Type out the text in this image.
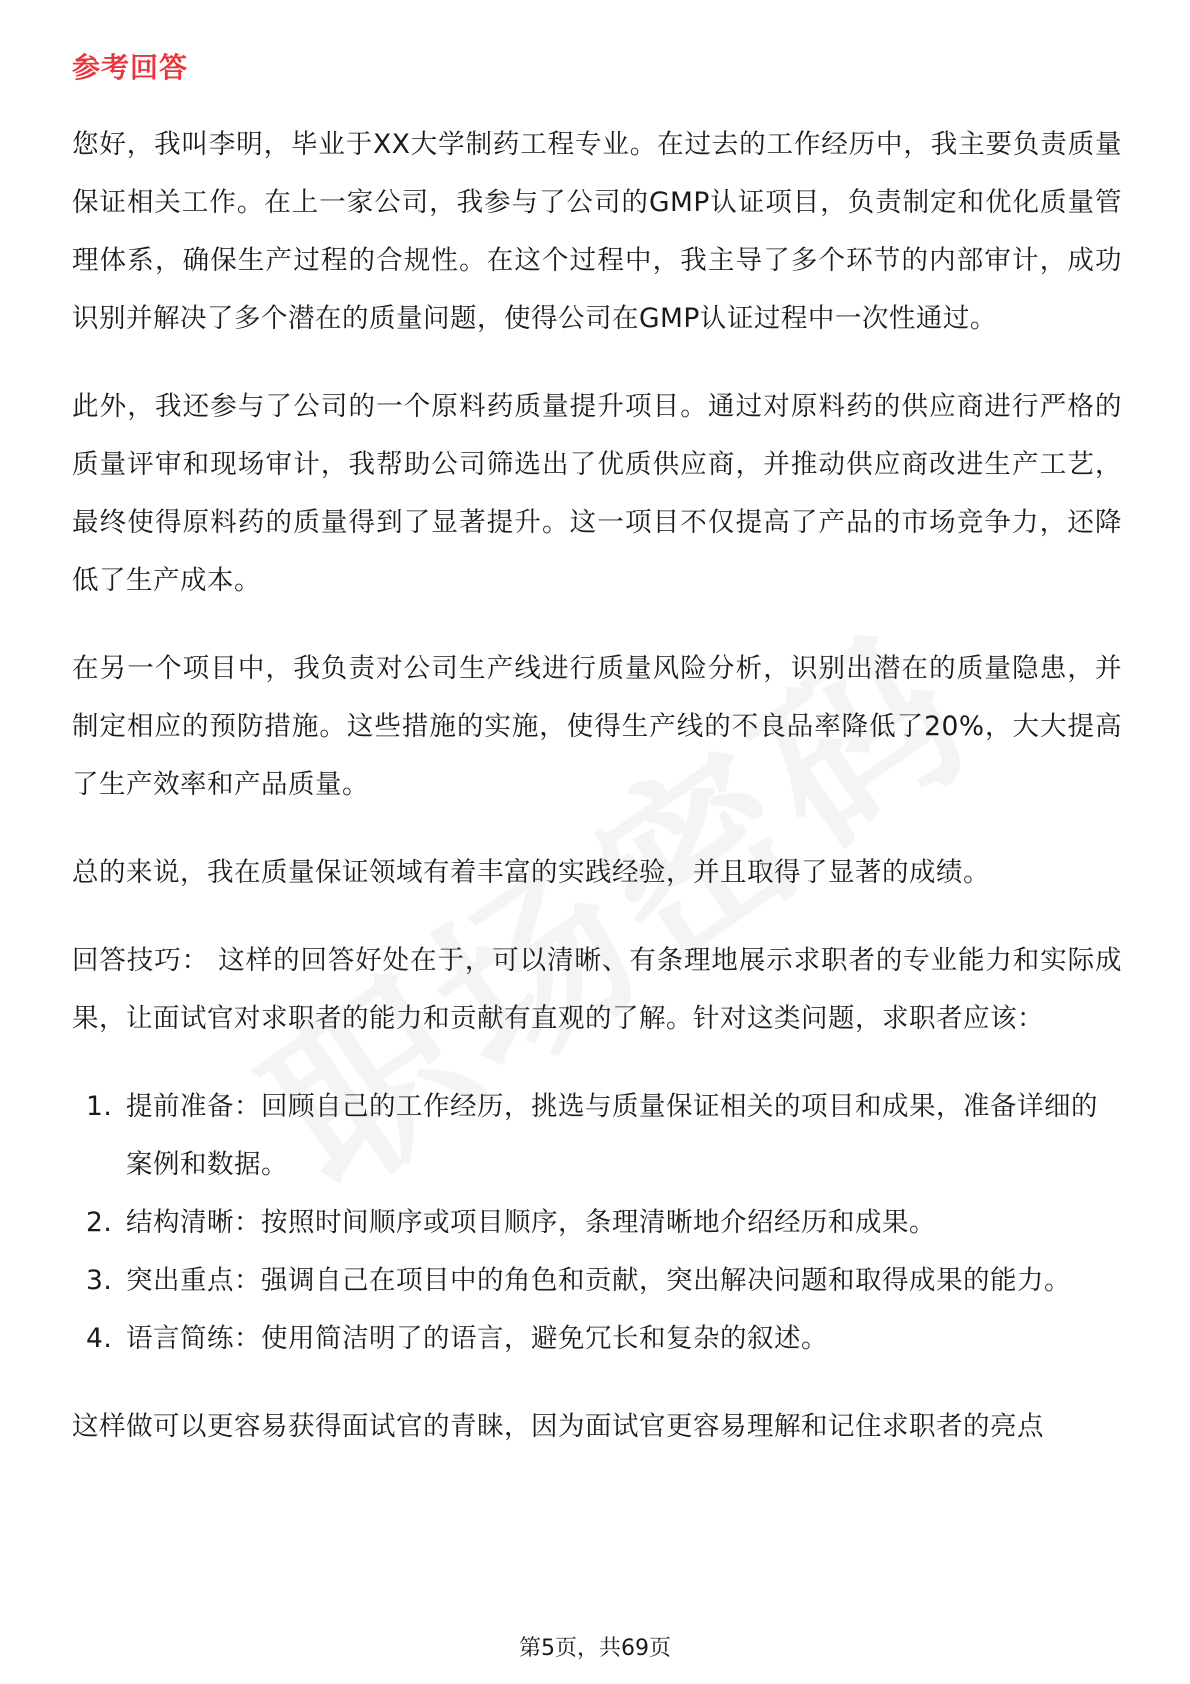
参考回答

您好，我叫李明，毕业于XX大学制药工程专业。在过去的工作经历中，我主要负责质量保证相关工作。在上一家公司，我参与了公司的GMP认证项目，负责制定和优化质量管理体系，确保生产过程的合规性。在这个过程中，我主导了多个环节的内部审计，成功识别并解决了多个潜在的质量问题，使得公司在GMP认证过程中一次性通过。

此外，我还参与了公司的一个原料药质量提升项目。通过对原料药的供应商进行严格的质量评审和现场审计，我帮助公司筛选出了优质供应商，并推动供应商改进生产工艺，最终使得原料药的质量得到了显著提升。这一项目不仅提高了产品的市场竞争力，还降低了生产成本。

在另一个项目中，我负责对公司生产线进行质量风险分析，识别出潜在的质量隐患，并制定相应的预防措施。这些措施的实施，使得生产线的不良品率降低了20%，大大提高了生产效率和产品质量。

总的来说，我在质量保证领域有着丰富的实践经验，并且取得了显著的成绩。

回答技巧： 这样的回答好处在于，可以清晰、有条理地展示求职者的专业能力和实际成果，让面试官对求职者的能力和贡献有直观的了解。针对这类问题，求职者应该：

1. 提前准备：回顾自己的工作经历，挑选与质量保证相关的项目和成果，准备详细的案例和数据。
2. 结构清晰：按照时间顺序或项目顺序，条理清晰地介绍经历和成果。
3. 突出重点：强调自己在项目中的角色和贡献，突出解决问题和取得成果的能力。
4. 语言简练：使用简洁明了的语言，避免冗长和复杂的叙述。

这样做可以更容易获得面试官的青睐，因为面试官更容易理解和记住求职者的亮点

第5页，共69页
